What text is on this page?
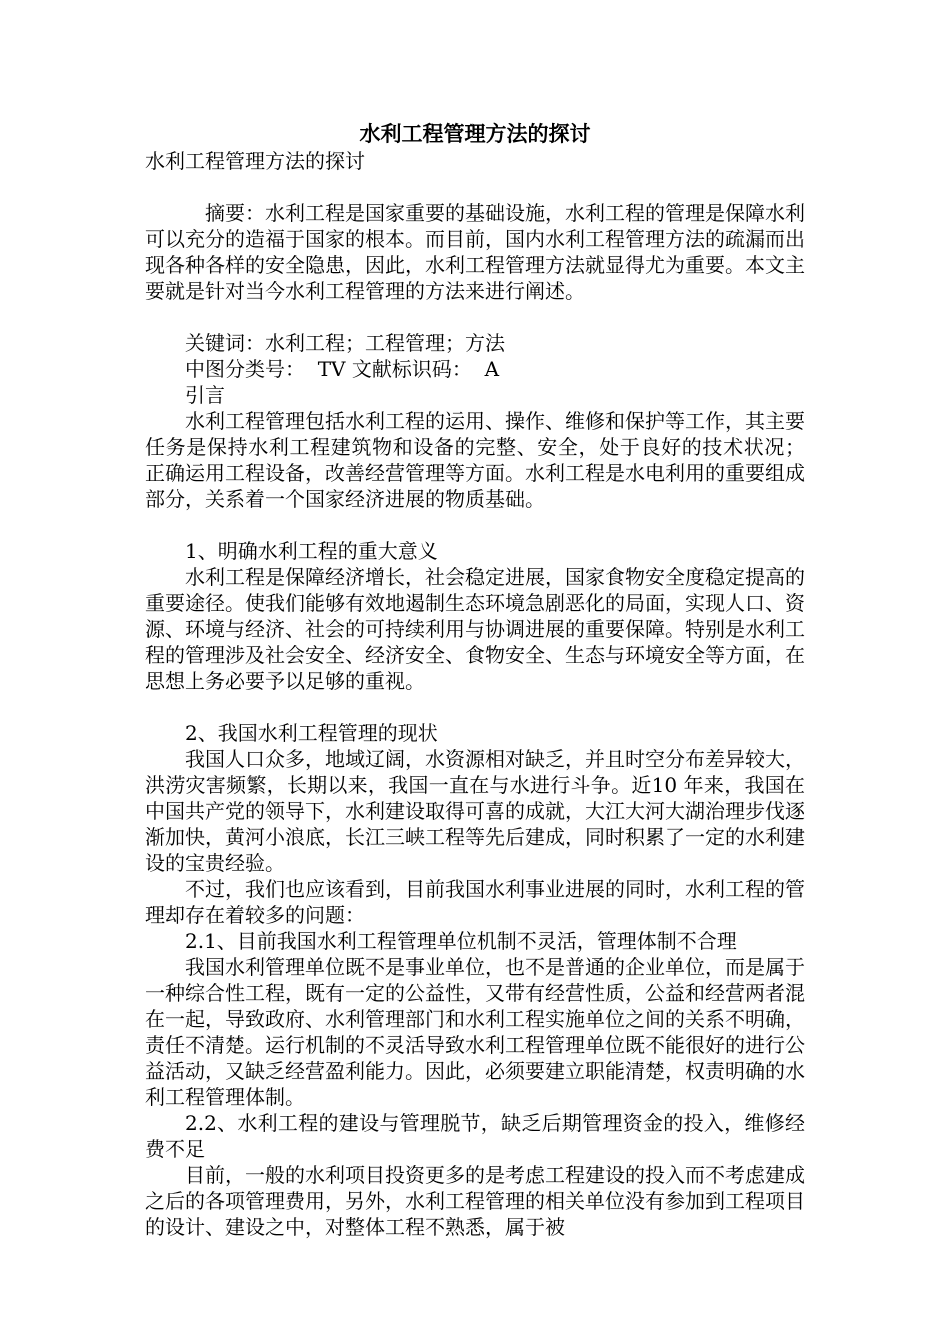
水利工程管理方法的探讨

水利工程管理方法的探讨

摘要：水利工程是国家重要的基础设施，水利工程的管理是保障水利可以充分的造福于国家的根本。而目前，国内水利工程管理方法的疏漏而出现各种各样的安全隐患，因此，水利工程管理方法就显得尤为重要。本文主要就是针对当今水利工程管理的方法来进行阐述。

关键词：水利工程；工程管理；方法

中图分类号：  TV 文献标识码：  A

引言

水利工程管理包括水利工程的运用、操作、维修和保护等工作，其主要任务是保持水利工程建筑物和设备的完整、安全，处于良好的技术状况； 正确运用工程设备，改善经营管理等方面。水利工程是水电利用的重要组成部分，关系着一个国家经济进展的物质基础。

1、明确水利工程的重大意义

水利工程是保障经济增长，社会稳定进展，国家食物安全度稳定提高的重要途径。使我们能够有效地遏制生态环境急剧恶化的局面，实现人口、资源、环境与经济、社会的可持续利用与协调进展的重要保障。特别是水利工程的管理涉及社会安全、经济安全、食物安全、生态与环境安全等方面，在思想上务必要予以足够的重视。

2、我国水利工程管理的现状

我国人口众多，地域辽阔，水资源相对缺乏，并且时空分布差异较大，洪涝灾害频繁，长期以来，我国一直在与水进行斗争。近10 年来，我国在中国共产党的领导下，水利建设取得可喜的成就，大江大河大湖治理步伐逐渐加快，黄河小浪底，长江三峡工程等先后建成，同时积累了一定的水利建设的宝贵经验。

不过，我们也应该看到，目前我国水利事业进展的同时，水利工程的管理却存在着较多的问题：

2.1、目前我国水利工程管理单位机制不灵活，管理体制不合理

我国水利管理单位既不是事业单位，也不是普通的企业单位，而是属于一种综合性工程，既有一定的公益性，又带有经营性质，公益和经营两者混在一起，导致政府、水利管理部门和水利工程实施单位之间的关系不明确，责任不清楚。运行机制的不灵活导致水利工程管理单位既不能很好的进行公益活动，又缺乏经营盈利能力。因此，必须要建立职能清楚，权责明确的水利工程管理体制。

2.2、水利工程的建设与管理脱节，缺乏后期管理资金的投入，维修经费不足

目前，一般的水利项目投资更多的是考虑工程建设的投入而不考虑建成之后的各项管理费用，另外，水利工程管理的相关单位没有参加到工程项目的设计、建设之中，对整体工程不熟悉，属于被
